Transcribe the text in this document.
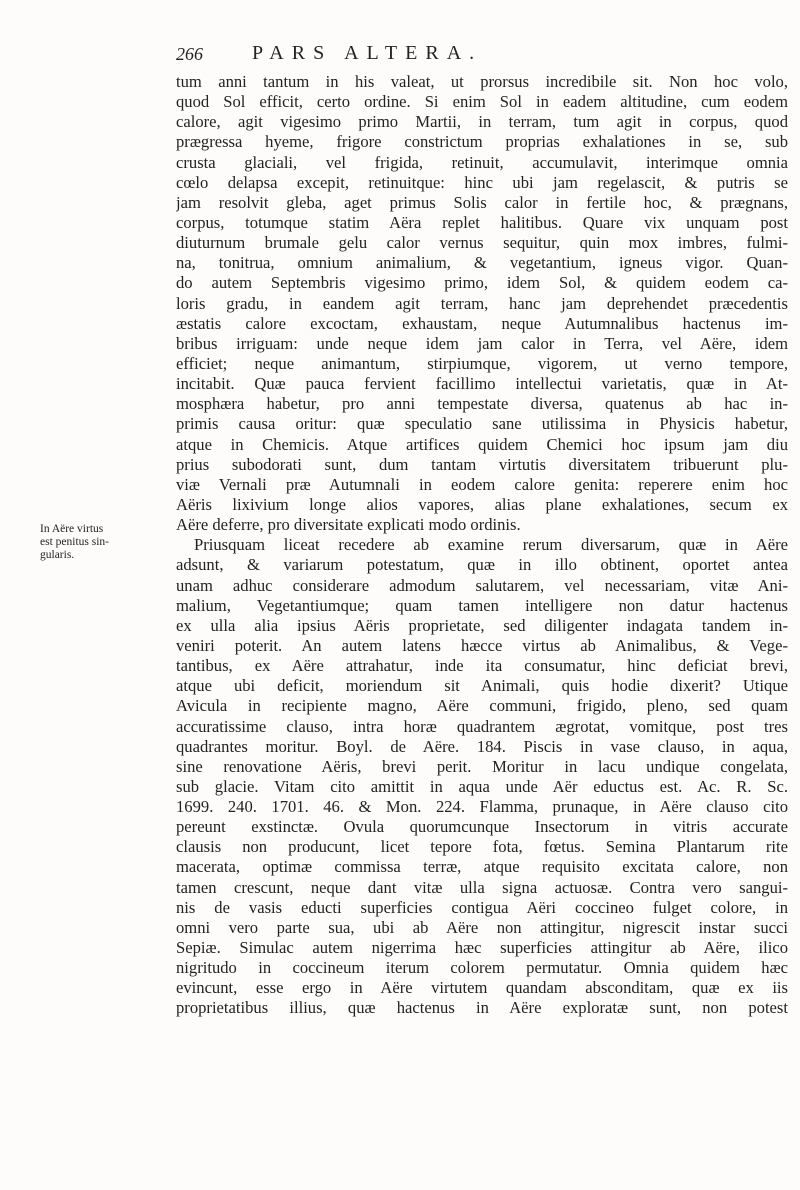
266 PARS ALTERA.
In Aëre virtus
est penitus sin-
gularis.
tum anni tantum in his valeat, ut prorsus incredibile sit. Non hoc volo,
quod Sol efficit, certo ordine. Si enim Sol in eadem altitudine, cum eodem
calore, agit vigesimo primo Martii, in terram, tum agit in corpus, quod
prægressa hyeme, frigore constrictum proprias exhalationes in se, sub
crusta glaciali, vel frigida, retinuit, accumulavit, interimque omnia
cœlo delapsa excepit, retinuitque: hinc ubi jam regelascit, & putris se
jam resolvit gleba, aget primus Solis calor in fertile hoc, & prægnans,
corpus, totumque statim Aëra replet halitibus. Quare vix unquam post
diuturnum brumale gelu calor vernus sequitur, quin mox imbres, fulmi-
na, tonitrua, omnium animalium, & vegetantium, igneus vigor. Quan-
do autem Septembris vigesimo primo, idem Sol, & quidem eodem ca-
loris gradu, in eandem agit terram, hanc jam deprehendet præcedentis
æstatis calore excoctam, exhaustam, neque Autumnalibus hactenus im-
bribus irriguam: unde neque idem jam calor in Terra, vel Aëre, idem
efficiet; neque animantum, stirpiumque, vigorem, ut verno tempore,
incitabit. Quæ pauca fervient facillimo intellectui varietatis, quæ in At-
mosphæra habetur, pro anni tempestate diversa, quatenus ab hac in-
primis causa oritur: quæ speculatio sane utilissima in Physicis habetur,
atque in Chemicis. Atque artifices quidem Chemici hoc ipsum jam diu
prius subodorati sunt, dum tantam virtutis diversitatem tribuerunt plu-
viæ Vernali præ Autumnali in eodem calore genita: reperere enim hoc
Aëris lixivium longe alios vapores, alias plane exhalationes, secum ex
Aëre deferre, pro diversitate explicati modo ordinis.
Priusquam liceat recedere ab examine rerum diversarum, quæ in Aëre
adsunt, & variarum potestatum, quæ in illo obtinent, oportet antea
unam adhuc considerare admodum salutarem, vel necessariam, vitæ Ani-
malium, Vegetantiumque; quam tamen intelligere non datur hactenus
ex ulla alia ipsius Aëris proprietate, sed diligenter indagata tandem in-
veniri poterit. An autem latens hæcce virtus ab Animalibus, & Vege-
tantibus, ex Aëre attrahatur, inde ita consumatur, hinc deficiat brevi,
atque ubi deficit, moriendum sit Animali, quis hodie dixerit? Utique
Avicula in recipiente magno, Aëre communi, frigido, pleno, sed quam
accuratissime clauso, intra horæ quadrantem ægrotat, vomitque, post tres
quadrantes moritur. Boyl. de Aëre. 184. Piscis in vase clauso, in aqua,
sine renovatione Aëris, brevi perit. Moritur in lacu undique congelata,
sub glacie. Vitam cito amittit in aqua unde Aër eductus est. Ac. R. Sc.
1699. 240. 1701. 46. & Mon. 224. Flamma, prunaque, in Aëre clauso cito
pereunt exstinctæ. Ovula quorumcunque Insectorum in vitris accurate
clausis non producunt, licet tepore fota, fœtus. Semina Plantarum rite
macerata, optimæ commissa terræ, atque requisito excitata calore, non
tamen crescunt, neque dant vitæ ulla signa actuosæ. Contra vero sangui-
nis de vasis educti superficies contigua Aëri coccineo fulget colore, in
omni vero parte sua, ubi ab Aëre non attingitur, nigrescit instar succi
Sepiæ. Simulac autem nigerrima hæc superficies attingitur ab Aëre, ilico
nigritudo in coccineum iterum colorem permutatur. Omnia quidem hæc
evincunt, esse ergo in Aëre virtutem quandam absconditam, quæ ex iis
proprietatibus illius, quæ hactenus in Aëre exploratæ sunt, non potest
